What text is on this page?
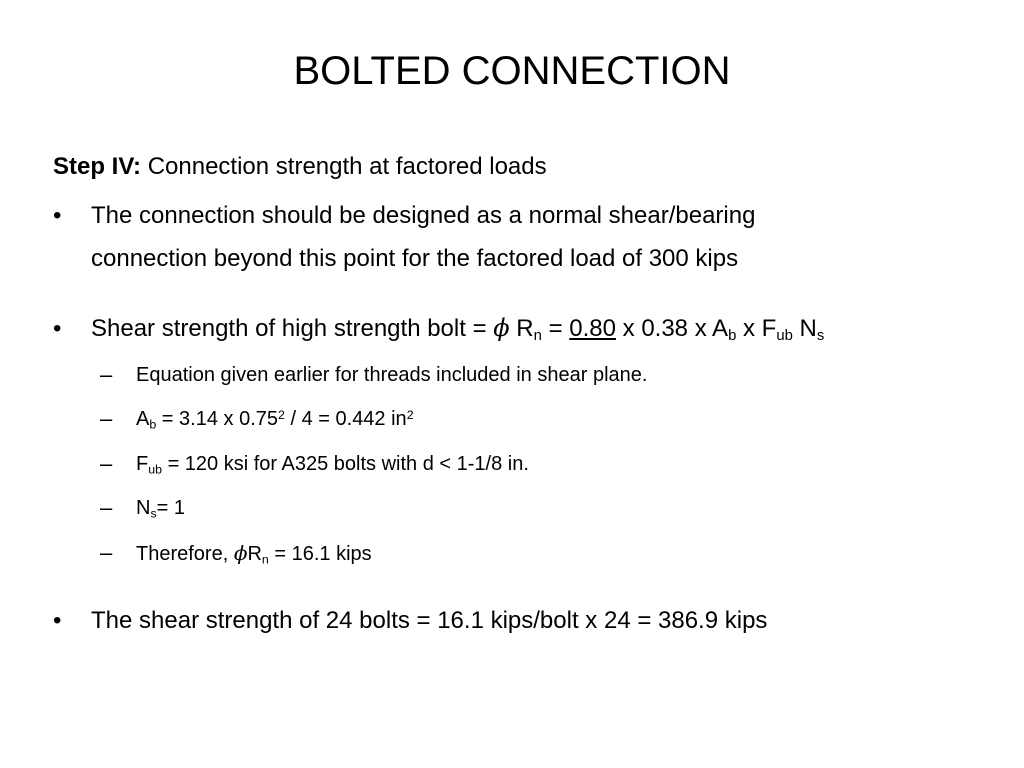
BOLTED CONNECTION
Step IV: Connection strength at factored loads
•	The connection should be designed as a normal shear/bearing
connection beyond this point for the factored load of 300 kips
•	Shear strength of high strength bolt = ϕ $R_n = 0.80$ x 0.38 x $A_b$ x $F_{ub}$ $N_s$
–	Equation given earlier for threads included in shear plane.
–	$A_b = 3.14$ x 0.75$^2$ / 4 = 0.442 $in^2$
–	$F_{ub} = 120$ ksi for A325 bolts with d < 1-1/8 in.
–	$N_s= 1$
–	Therefore, $\phi R_n = 16.1$ kips
•	The shear strength of 24 bolts = 16.1 kips/bolt x 24 = 386.9 kips
